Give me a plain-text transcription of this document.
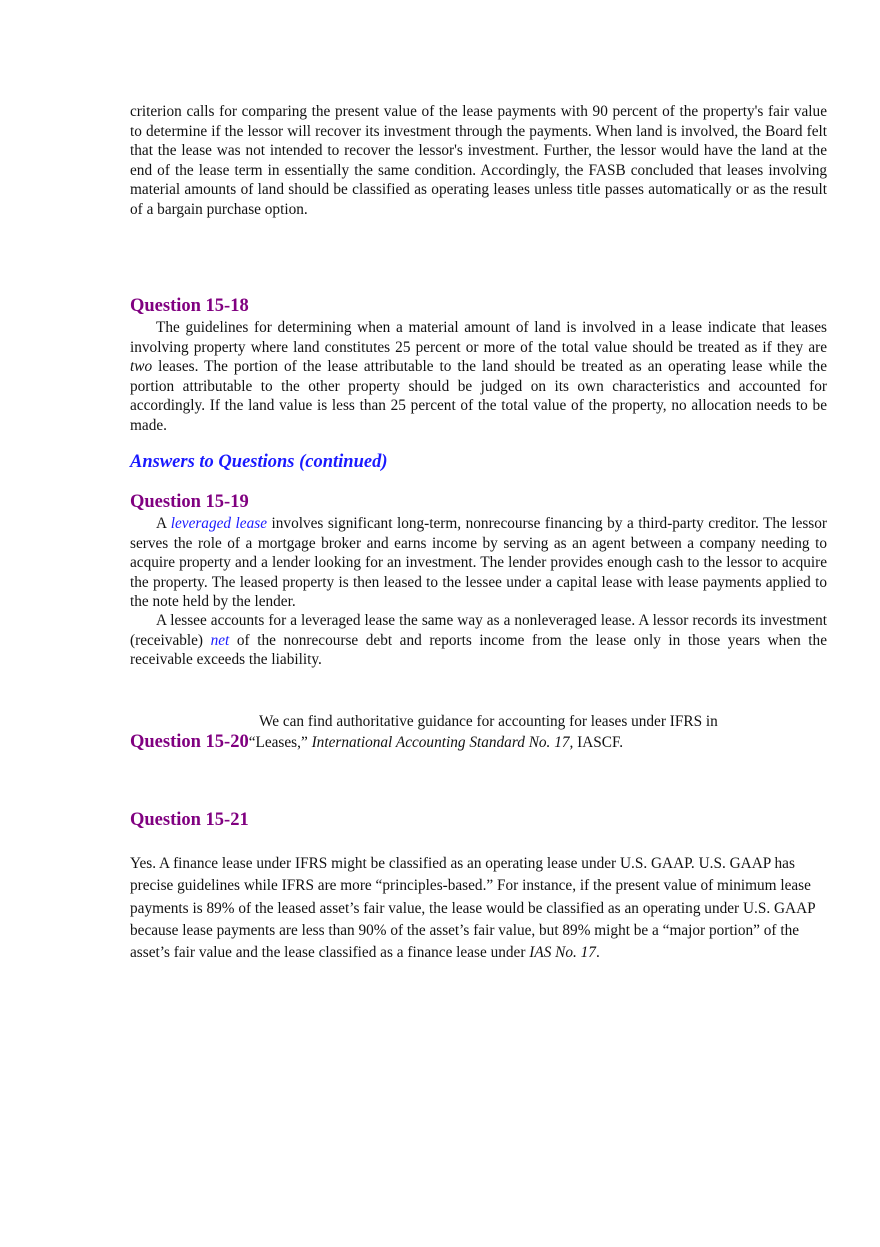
criterion calls for comparing the present value of the lease payments with 90 percent of the property's fair value to determine if the lessor will recover its investment through the payments. When land is involved, the Board felt that the lease was not intended to recover the lessor's investment. Further, the lessor would have the land at the end of the lease term in essentially the same condition. Accordingly, the FASB concluded that leases involving material amounts of land should be classified as operating leases unless title passes automatically or as the result of a bargain purchase option.

Question 15-18

The guidelines for determining when a material amount of land is involved in a lease indicate that leases involving property where land constitutes 25 percent or more of the total value should be treated as if they are two leases. The portion of the lease attributable to the land should be treated as an operating lease while the portion attributable to the other property should be judged on its own characteristics and accounted for accordingly. If the land value is less than 25 percent of the total value of the property, no allocation needs to be made.

Answers to Questions (continued)
Question 15-19

A leveraged lease involves significant long-term, nonrecourse financing by a third-party creditor. The lessor serves the role of a mortgage broker and earns income by serving as an agent between a company needing to acquire property and a lender looking for an investment. The lender provides enough cash to the lessor to acquire the property. The leased property is then leased to the lessee under a capital lease with lease payments applied to the note held by the lender.

A lessee accounts for a leveraged lease the same way as a nonleveraged lease. A lessor records its investment (receivable) net of the nonrecourse debt and reports income from the lease only in those years when the receivable exceeds the liability.

We can find authoritative guidance for accounting for leases under IFRS in
Question 15-20“Leases,” International Accounting Standard No. 17, IASCF.
Question 15-21

Yes. A finance lease under IFRS might be classified as an operating lease under U.S. GAAP. U.S. GAAP has precise guidelines while IFRS are more “principles-based.” For instance, if the present value of minimum lease payments is 89% of the leased asset’s fair value, the lease would be classified as an operating under U.S. GAAP because lease payments are less than 90% of the asset’s fair value, but 89% might be a “major portion” of the asset’s fair value and the lease classified as a finance lease under IAS No. 17.
